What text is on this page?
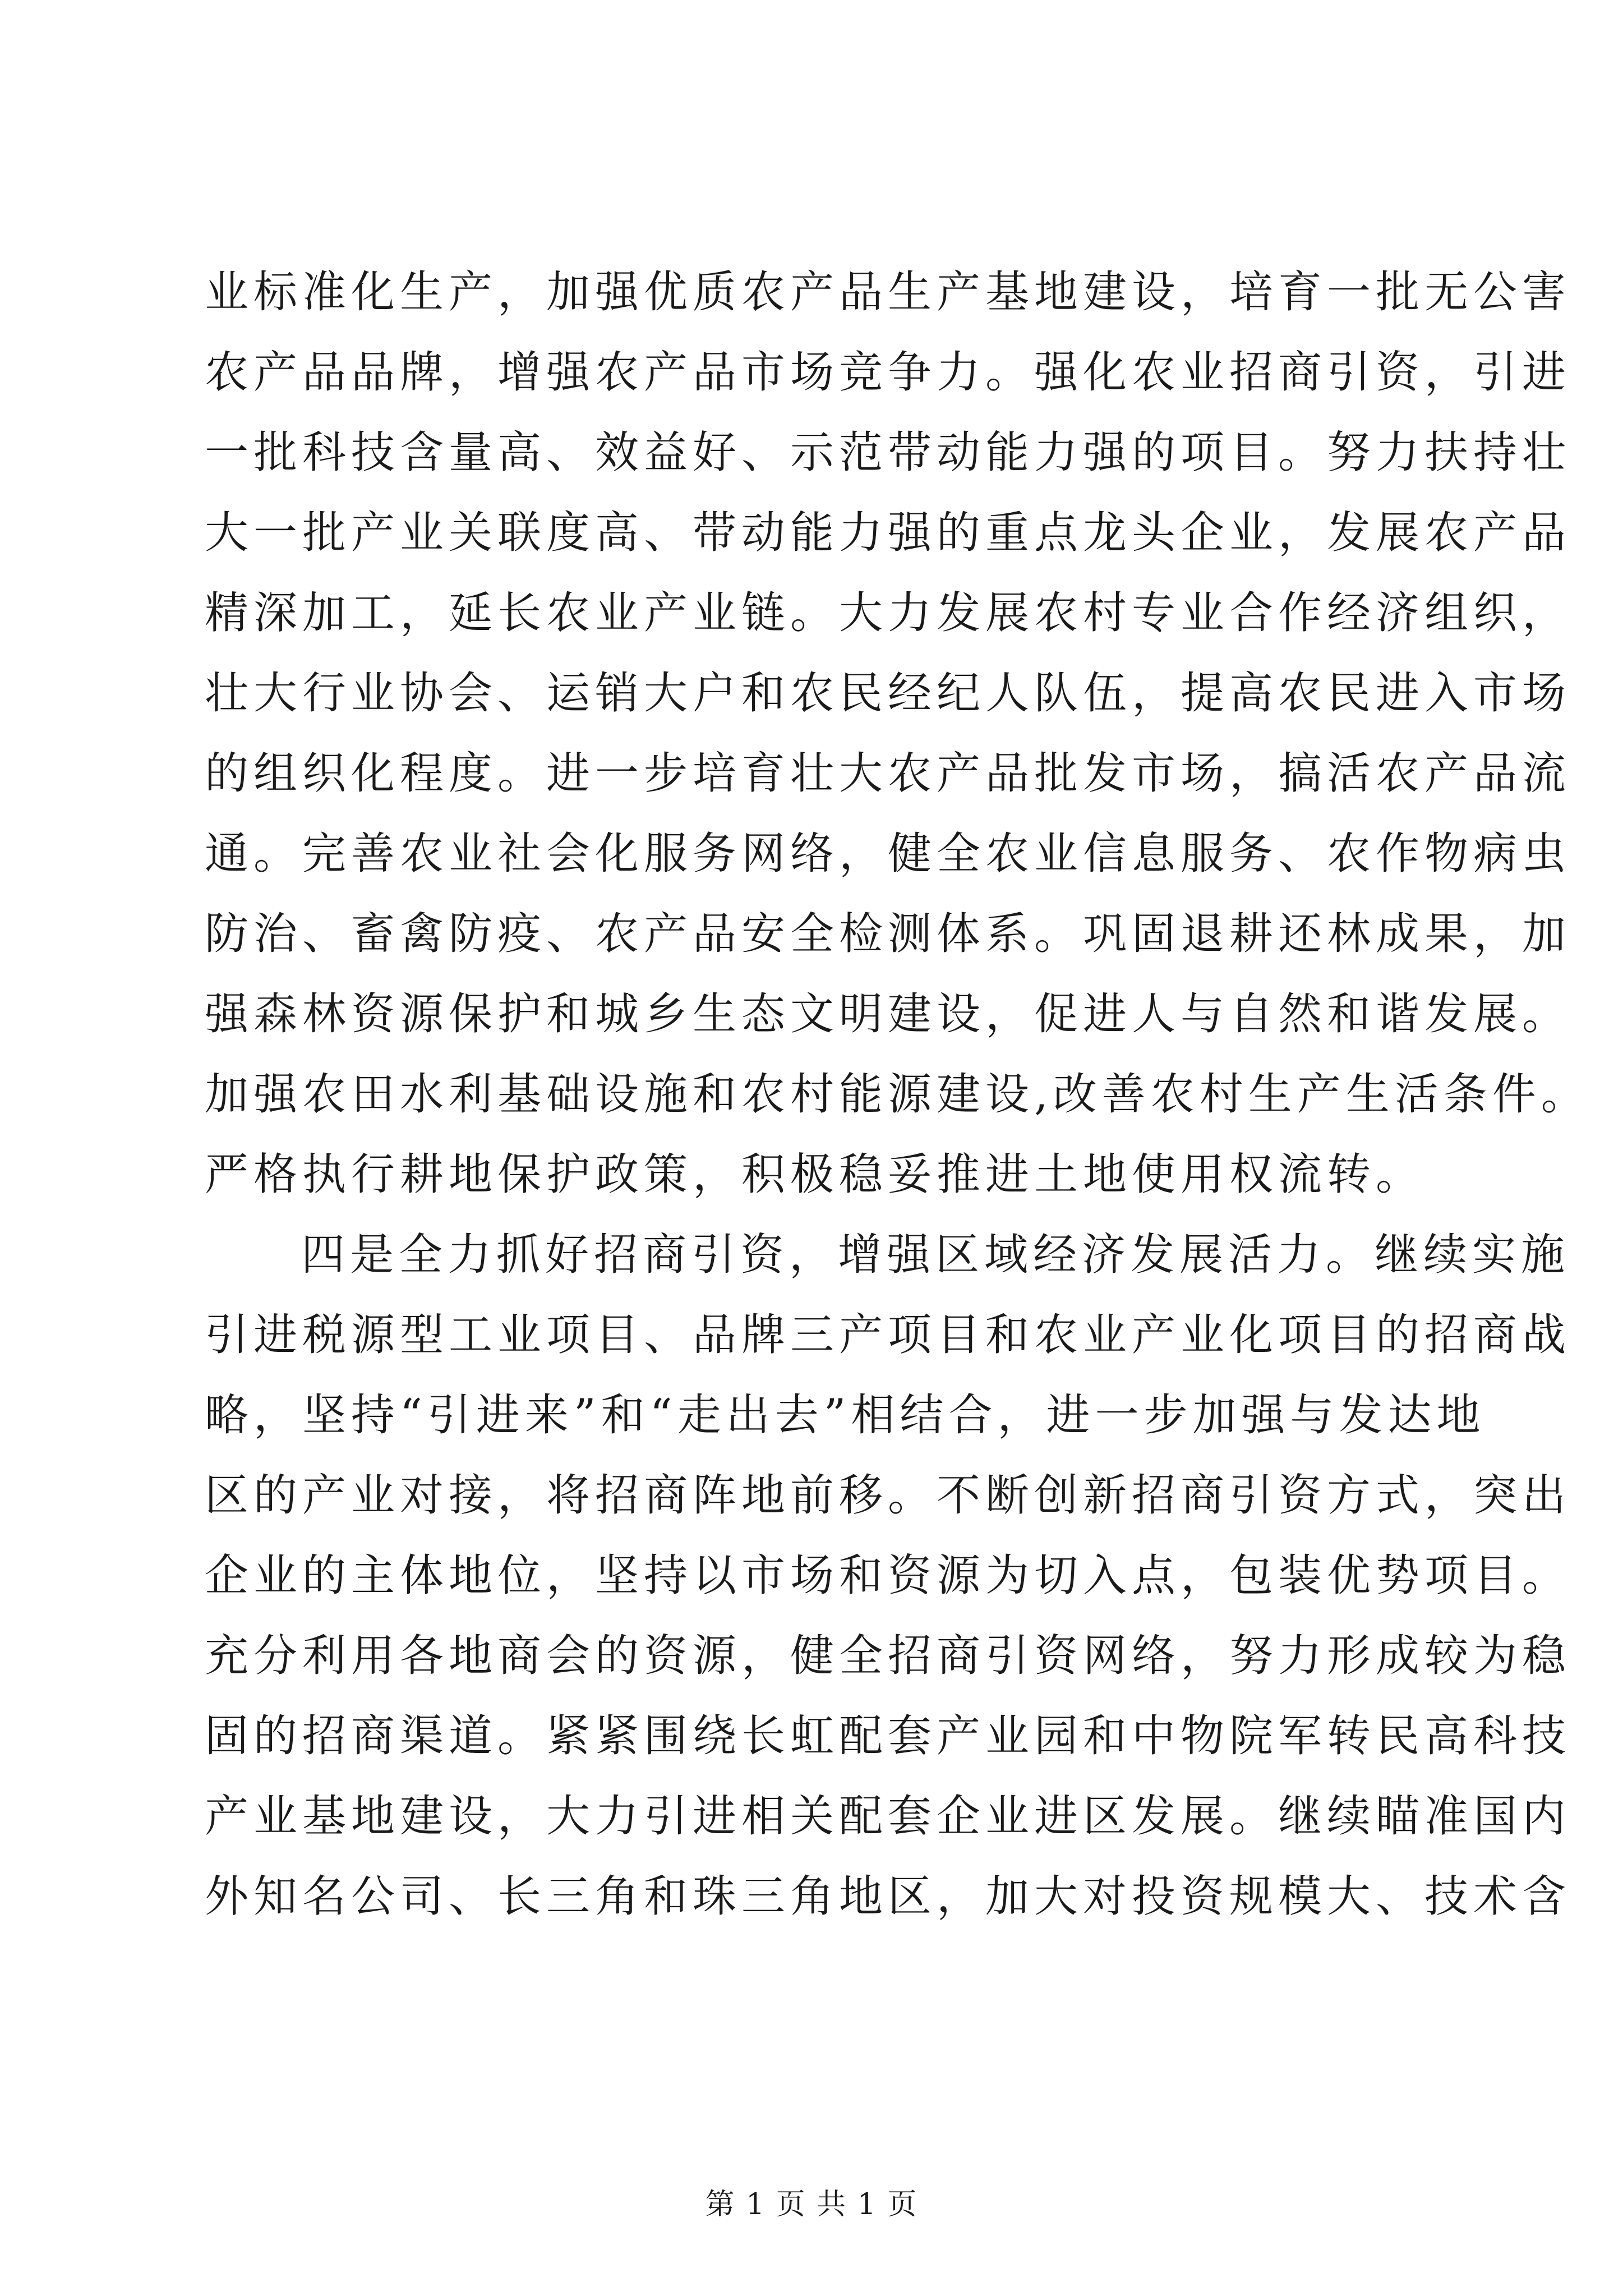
业标准化生产，加强优质农产品生产基地建设，培育一批无公害
农产品品牌，增强农产品市场竞争力。强化农业招商引资，引进
一批科技含量高、效益好、示范带动能力强的项目。努力扶持壮
大一批产业关联度高、带动能力强的重点龙头企业，发展农产品
精深加工，延长农业产业链。大力发展农村专业合作经济组织，
壮大行业协会、运销大户和农民经纪人队伍，提高农民进入市场
的组织化程度。进一步培育壮大农产品批发市场，搞活农产品流
通。完善农业社会化服务网络，健全农业信息服务、农作物病虫
防治、畜禽防疫、农产品安全检测体系。巩固退耕还林成果，加
强森林资源保护和城乡生态文明建设，促进人与自然和谐发展。
加强农田水利基础设施和农村能源建设,改善农村生产生活条件。
严格执行耕地保护政策，积极稳妥推进土地使用权流转。
四是全力抓好招商引资，增强区域经济发展活力。继续实施
引进税源型工业项目、品牌三产项目和农业产业化项目的招商战
略，坚持“引进来”和“走出去”相结合，进一步加强与发达地
区的产业对接，将招商阵地前移。不断创新招商引资方式，突出
企业的主体地位，坚持以市场和资源为切入点，包装优势项目。
充分利用各地商会的资源，健全招商引资网络，努力形成较为稳
固的招商渠道。紧紧围绕长虹配套产业园和中物院军转民高科技
产业基地建设，大力引进相关配套企业进区发展。继续瞄准国内
外知名公司、长三角和珠三角地区，加大对投资规模大、技术含
第 1 页 共 1 页
